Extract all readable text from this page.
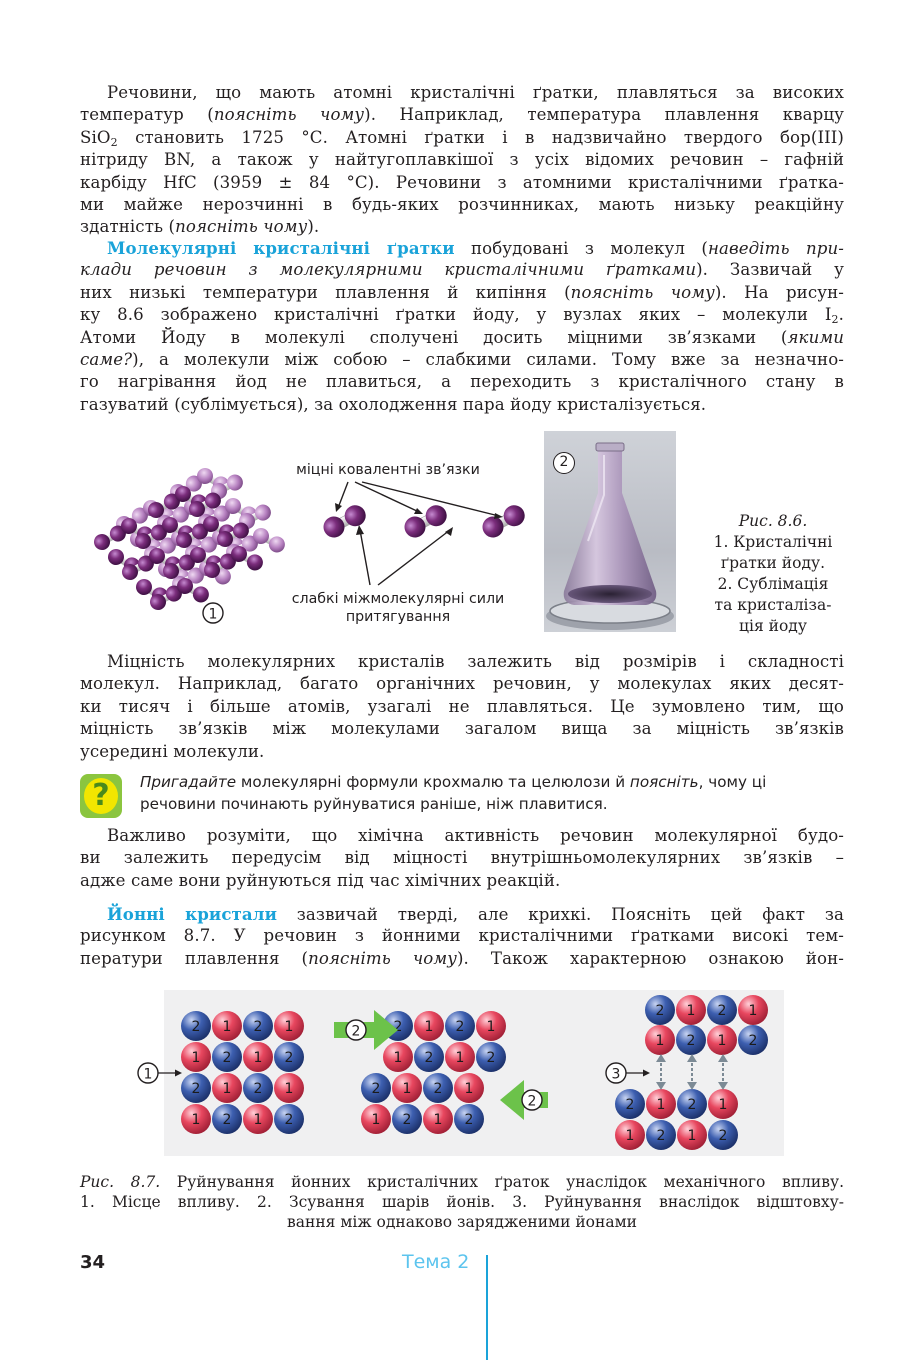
Речовини, що мають атомні кристалічні ґратки, плавляться за високих
температур (поясніть чому). Наприклад, температура плавлення кварцу
SiO$_2$ становить 1725 °С. Атомні ґратки і в надзвичайно твердого бор(III)
нітриду BN, а також у найтугоплавкішої з усіх відомих речовин – гафній
карбіду HfC (3959 ± 84 °С). Речовини з атомними кристалічними ґратка-
ми майже нерозчинні в будь-яких розчинниках, мають низьку реакційну
здатність (поясніть чому).
Молекулярні кристалічні ґратки побудовані з молекул (наведіть при-
клади речовин з молекулярними кристалічними ґратками). Зазвичай у
них низькі температури плавлення й кипіння (поясніть чому). На рисун-
ку 8.6 зображено кристалічні ґратки йоду, у вузлах яких – молекули $I_2$.
Атоми Йоду в молекулі сполучені досить міцними зв’язками (якими
саме?), а молекули між собою – слабкими силами. Тому вже за незначно-
го нагрівання йод не плавиться, а переходить з кристалічного стану в
газуватий (сублімується), за охолодження пара йоду кристалізується.
1
міцні ковалентні зв’язки
слабкі міжмолекулярні сили
притягування
2
Рис. 8.6.
1. Кристалічні
ґратки йоду.
2. Сублімація
та кристаліза-
ція йоду
Міцність молекулярних кристалів залежить від розмірів і складності
молекул. Наприклад, багато органічних речовин, у молекулах яких десят-
ки тисяч і більше атомів, узагалі не плавляться. Це зумовлено тим, що
міцність зв’язків між молекулами загалом вища за міцність зв’язків
усередині молекули.
?	Пригадайте молекулярні формули крохмалю та целюлози й поясніть, чому ці
речовини починають руйнуватися раніше, ніж плавитися.
Важливо розуміти, що хімічна активність речовин молекулярної будо-
ви залежить передусім від міцності внутрішньомолекулярних зв’язків –
адже саме вони руйнуються під час хімічних реакцій.
Йонні кристали зазвичай тверді, але крихкі. Поясніть цей факт за
рисунком 8.7. У речовин з йонними кристалічними ґратками високі тем-
ператури плавлення (поясніть чому). Також характерною ознакою йон-
2 1 2 1
1 2 1 2
2 1 2 1
1 2 1 2
2 1 2 1
1 2 1 2
2 1 2 1
1 2 1 2
2 1 2 1
1 2 1 2
2 1 2 1
1 2 1 2
1
2
2
3
Рис. 8.7. Руйнування йонних кристалічних ґраток унаслідок механічного впливу.
1. Місце впливу. 2. Зсування шарів йонів. 3. Руйнування внаслідок відштовху-
вання між однаково зарядженими йонами
34	Тема 2
